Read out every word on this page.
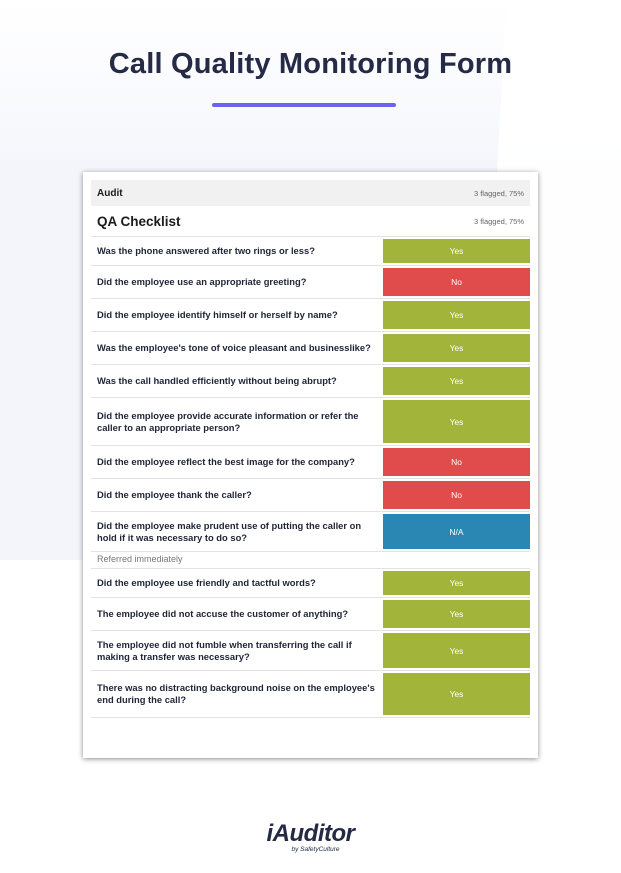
Call Quality Monitoring Form
Audit	3 flagged, 75%
QA Checklist	3 flagged, 75%
Was the phone answered after two rings or less?	Yes
Did the employee use an appropriate greeting?	No
Did the employee identify himself or herself by name?	Yes
Was the employee's tone of voice pleasant and businesslike?	Yes
Was the call handled efficiently without being abrupt?	Yes
Did the employee provide accurate information or refer the caller to an appropriate person?	Yes
Did the employee reflect the best image for the company?	No
Did the employee thank the caller?	No
Did the employee make prudent use of putting the caller on hold if it was necessary to do so?	N/A
Referred immediately
Did the employee use friendly and tactful words?	Yes
The employee did not accuse the customer of anything?	Yes
The employee did not fumble when transferring the call if making a transfer was necessary?	Yes
There was no distracting background noise on the employee's end during the call?	Yes
iAuditor
by SafetyCulture
